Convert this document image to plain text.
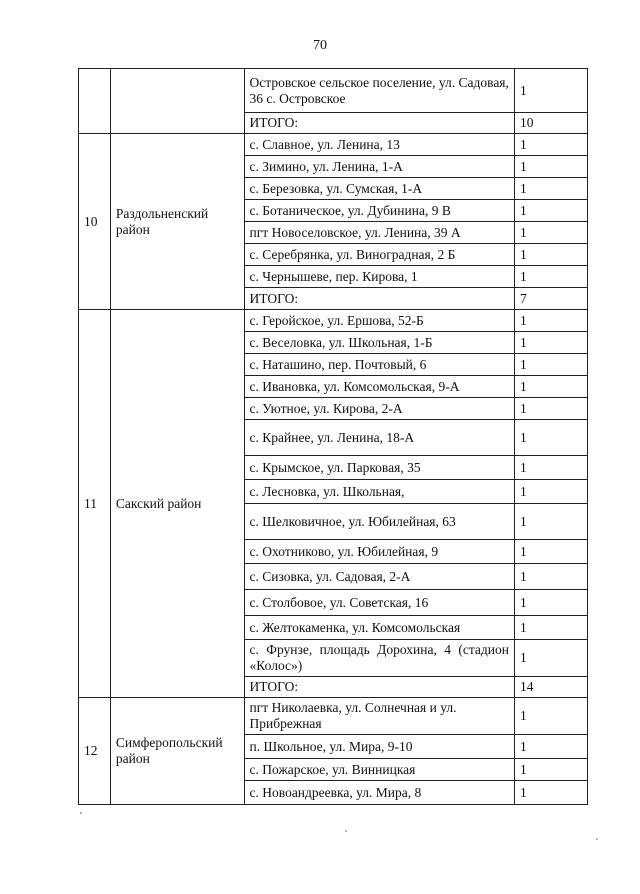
70
		Островское сельское поселение, ул. Садовая, 36 с. Островское	1
		ИТОГО:	10
10	Раздольненский район	с. Славное, ул. Ленина, 13	1
		с. Зимино, ул. Ленина, 1-А	1
		с. Березовка, ул. Сумская, 1-А	1
		с. Ботаническое, ул. Дубинина, 9 В	1
		пгт Новоселовское, ул. Ленина, 39 А	1
		с. Серебрянка, ул. Виноградная, 2 Б	1
		с. Чернышеве, пер. Кирова, 1	1
		ИТОГО:	7
11	Сакский район	с. Геройское, ул. Ершова, 52-Б	1
		с. Веселовка, ул. Школьная, 1-Б	1
		с. Наташино, пер. Почтовый, 6	1
		с. Ивановка, ул. Комсомольская, 9-А	1
		с. Уютное, ул. Кирова, 2-А	1
		с. Крайнее, ул. Ленина, 18-А	1
		с. Крымское, ул. Парковая, 35	1
		с. Лесновка, ул. Школьная,	1
		с. Шелковичное, ул. Юбилейная, 63	1
		с. Охотниково, ул. Юбилейная, 9	1
		с. Сизовка, ул. Садовая, 2-А	1
		с. Столбовое, ул. Советская, 16	1
		с. Желтокаменка, ул. Комсомольская	1
		с. Фрунзе, площадь Дорохина, 4 (стадион «Колос»)	1
		ИТОГО:	14
12	Симферопольский район	пгт Николаевка, ул. Солнечная и ул. Прибрежная	1
		п. Школьное, ул. Мира, 9-10	1
		с. Пожарское, ул. Винницкая	1
		с. Новоандреевка, ул. Мира, 8	1
